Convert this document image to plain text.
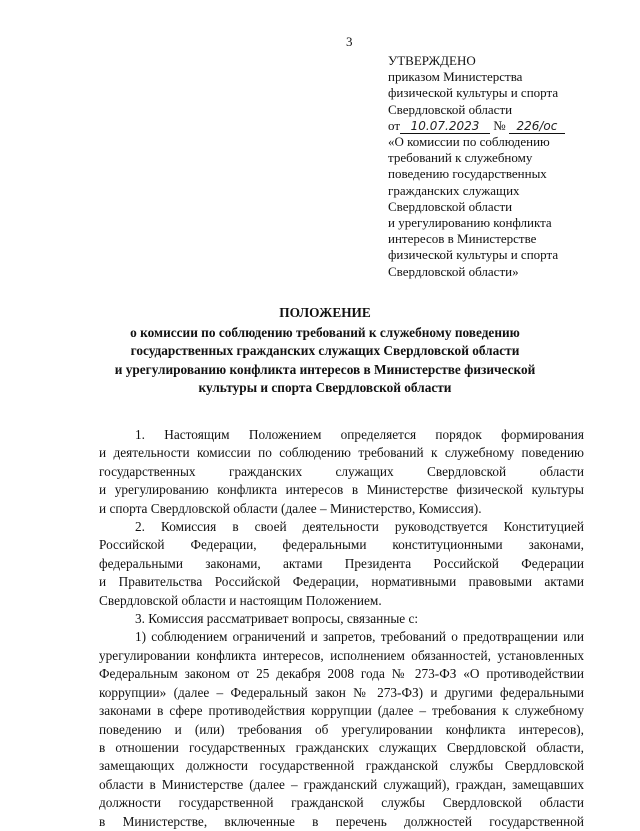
3
УТВЕРЖДЕНО
приказом Министерства
физической культуры и спорта
Свердловской области
от 10.07.2023 № 226/ос
«О комиссии по соблюдению
требований к служебному
поведению государственных
гражданских служащих
Свердловской области
и урегулированию конфликта
интересов в Министерстве
физической культуры и спорта
Свердловской области»
ПОЛОЖЕНИЕ
о комиссии по соблюдению требований к служебному поведению
государственных гражданских служащих Свердловской области
и урегулированию конфликта интересов в Министерстве физической
культуры и спорта Свердловской области
1. Настоящим Положением определяется порядок формирования
и деятельности комиссии по соблюдению требований к служебному поведению
государственных гражданских служащих Свердловской области
и урегулированию конфликта интересов в Министерстве физической культуры
и спорта Свердловской области (далее – Министерство, Комиссия).
2. Комиссия в своей деятельности руководствуется Конституцией
Российской Федерации, федеральными конституционными законами,
федеральными законами, актами Президента Российской Федерации
и Правительства Российской Федерации, нормативными правовыми актами
Свердловской области и настоящим Положением.
3. Комиссия рассматривает вопросы, связанные с:
1) соблюдением ограничений и запретов, требований о предотвращении или
урегулировании конфликта интересов, исполнением обязанностей, установленных
Федеральным законом от 25 декабря 2008 года № 273-ФЗ «О противодействии
коррупции» (далее – Федеральный закон № 273-ФЗ) и другими федеральными
законами в сфере противодействия коррупции (далее – требования к служебному
поведению и (или) требования об урегулировании конфликта интересов),
в отношении государственных гражданских служащих Свердловской области,
замещающих должности государственной гражданской службы Свердловской
области в Министерстве (далее – гражданский служащий), граждан, замещавших
должности государственной гражданской службы Свердловской области
в Министерстве, включенные в перечень должностей государственной
